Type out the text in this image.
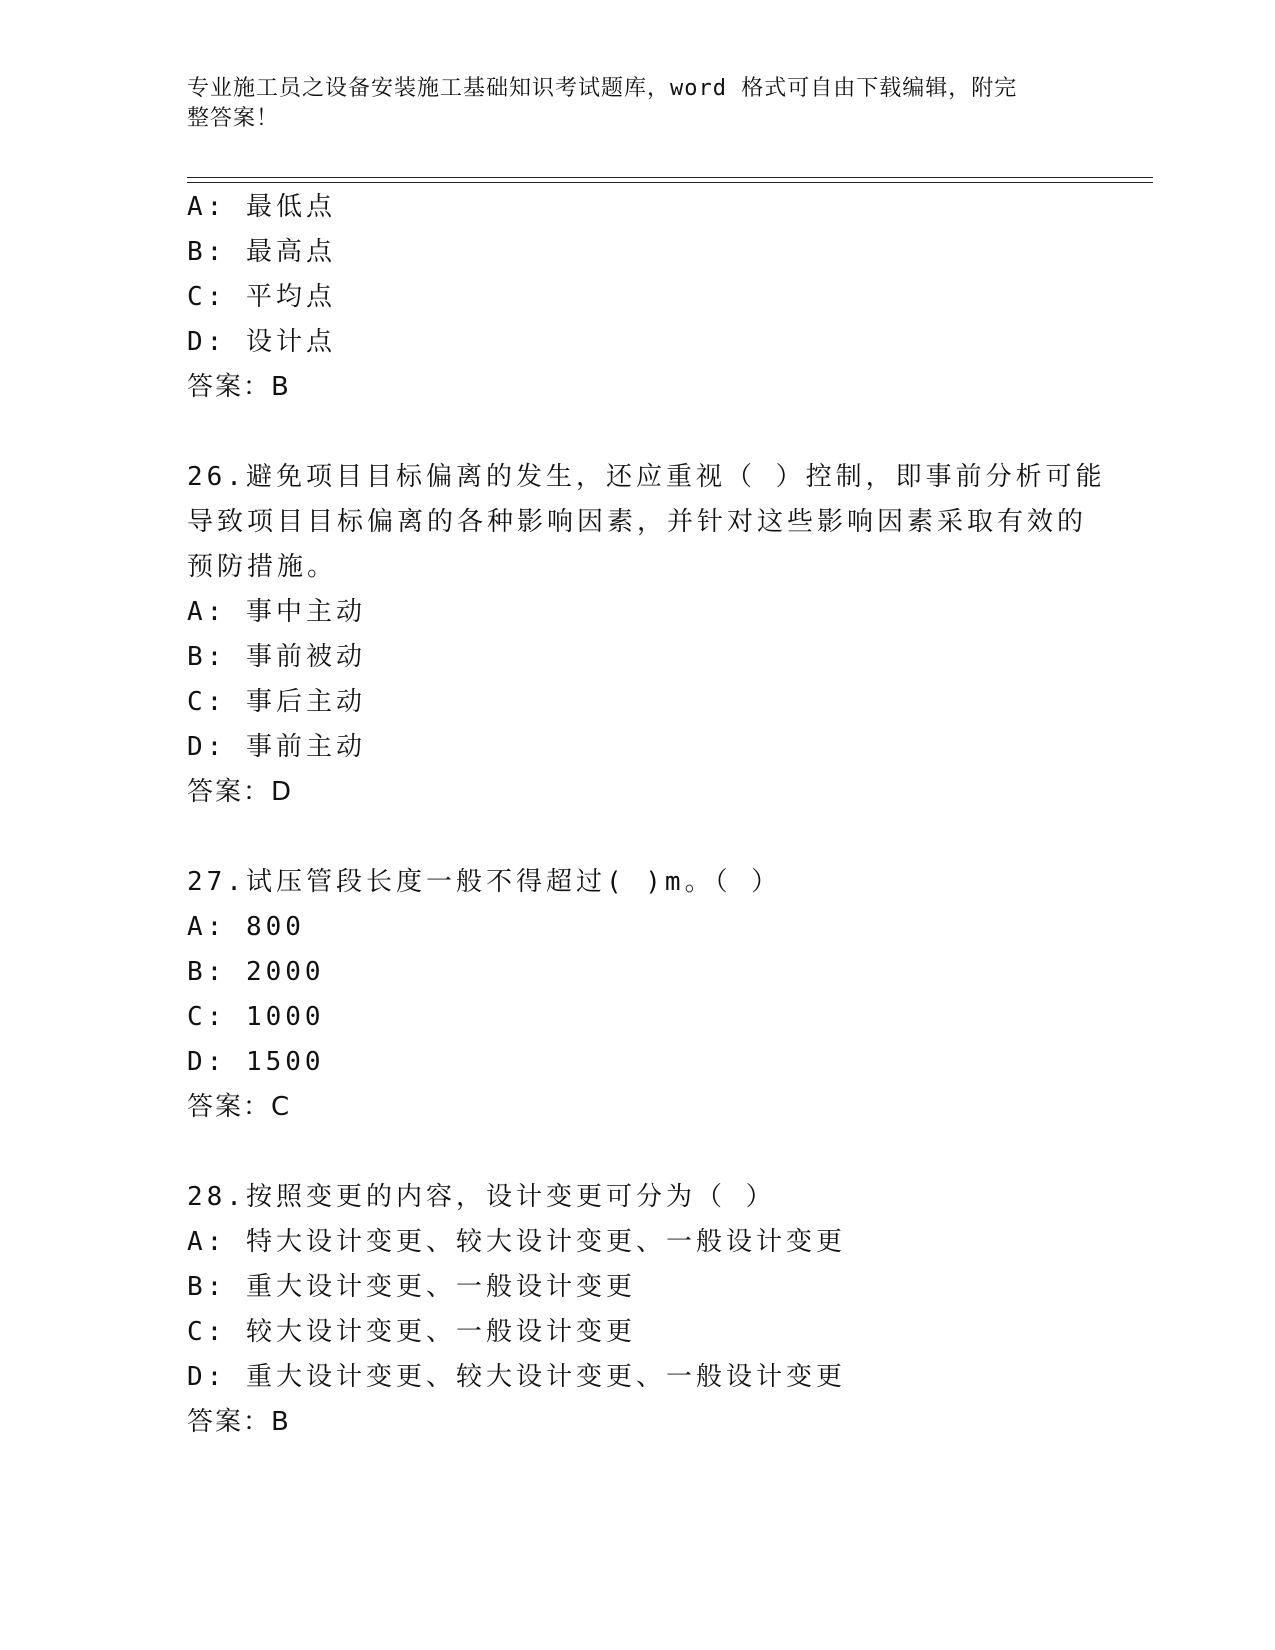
专业施工员之设备安装施工基础知识考试题库，word 格式可自由下载编辑，附完
整答案！
A: 最低点
B: 最高点
C: 平均点
D: 设计点
答案：B
26.避免项目目标偏离的发生，还应重视（ ）控制，即事前分析可能
导致项目目标偏离的各种影响因素，并针对这些影响因素采取有效的
预防措施。
A: 事中主动
B: 事前被动
C: 事后主动
D: 事前主动
答案：D
27.试压管段长度一般不得超过( )m。（ ）
A: 800
B: 2000
C: 1000
D: 1500
答案：C
28.按照变更的内容，设计变更可分为（ ）
A: 特大设计变更、较大设计变更、一般设计变更
B: 重大设计变更、一般设计变更
C: 较大设计变更、一般设计变更
D: 重大设计变更、较大设计变更、一般设计变更
答案：B
